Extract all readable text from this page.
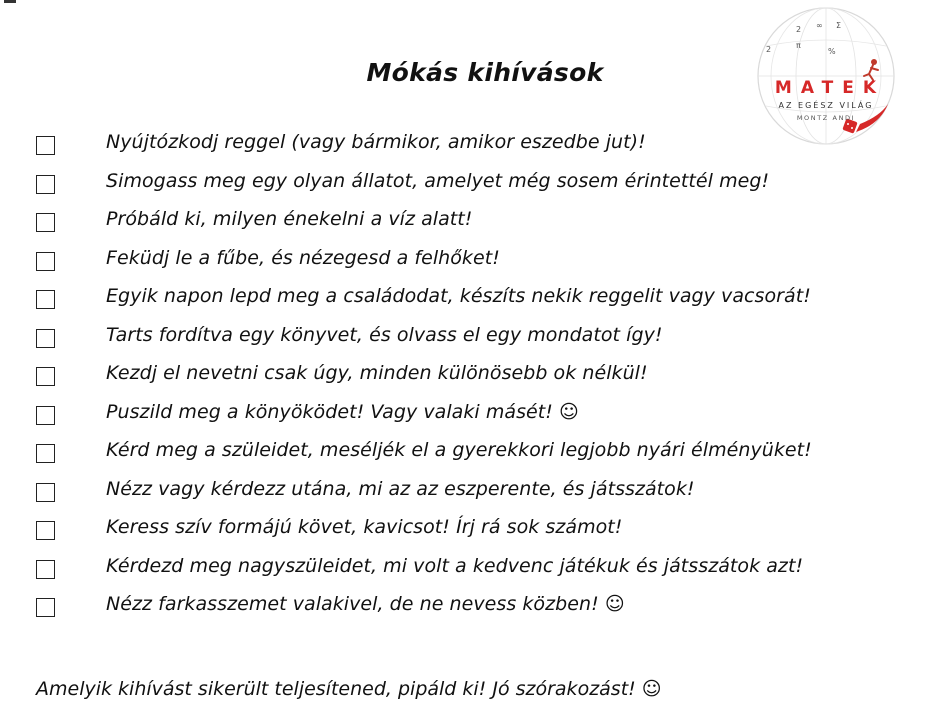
Mókás kihívások
∞ Σ
2
π
%
2
MATEK
AZ EGÉSZ VILÁG
MONTZ ANDI
Nyújtózkodj reggel (vagy bármikor, amikor eszedbe jut)!
Simogass meg egy olyan állatot, amelyet még sosem érintettél meg!
Próbáld ki, milyen énekelni a víz alatt!
Feküdj le a fűbe, és nézegesd a felhőket!
Egyik napon lepd meg a családodat, készíts nekik reggelit vagy vacsorát!
Tarts fordítva egy könyvet, és olvass el egy mondatot így!
Kezdj el nevetni csak úgy, minden különösebb ok nélkül!
Puszild meg a könyöködet! Vagy valaki másét! ☺
Kérd meg a szüleidet, meséljék el a gyerekkori legjobb nyári élményüket!
Nézz vagy kérdezz utána, mi az az eszperente, és játsszátok!
Keress szív formájú követ, kavicsot! Írj rá sok számot!
Kérdezd meg nagyszüleidet, mi volt a kedvenc játékuk és játsszátok azt!
Nézz farkasszemet valakivel, de ne nevess közben! ☺
Amelyik kihívást sikerült teljesítened, pipáld ki! Jó szórakozást! ☺
